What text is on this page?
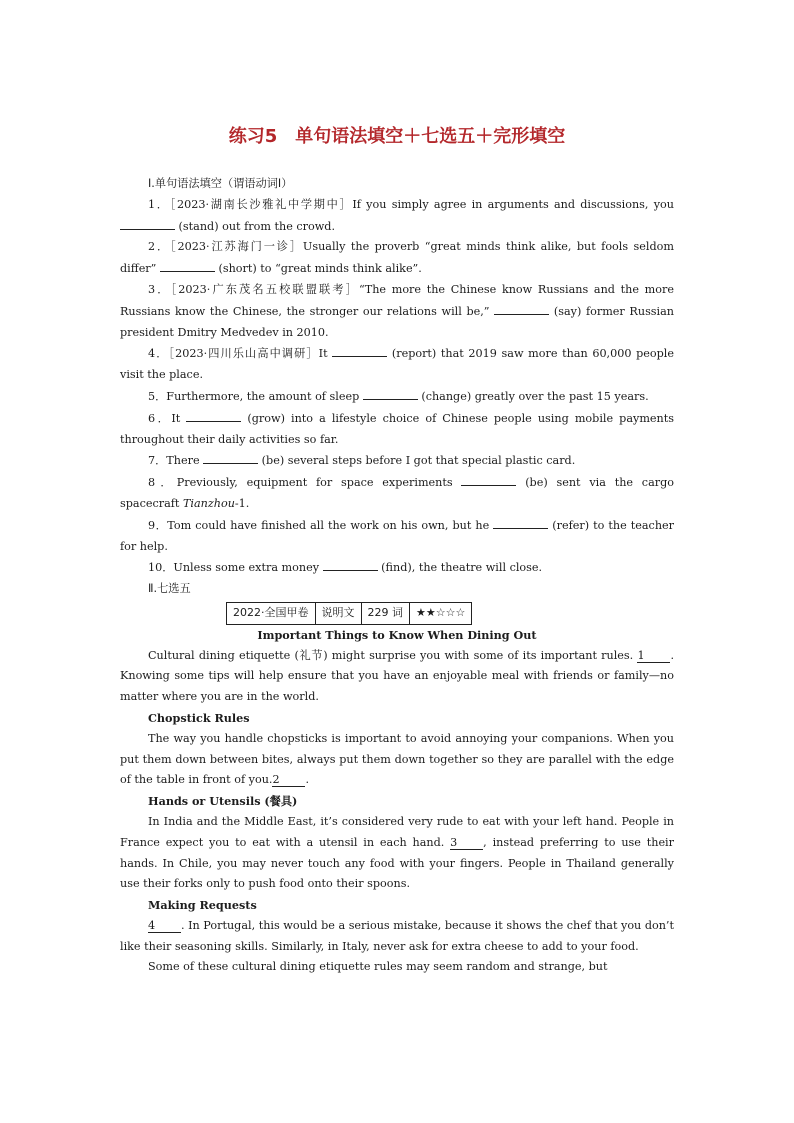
练习5　单句语法填空＋七选五＋完形填空
Ⅰ.单句语法填空（谓语动词Ⅰ）
1．［2023·湖南长沙雅礼中学期中］If you simply agree in arguments and discussions, you  (stand) out from the crowd.
2．［2023·江苏海门一诊］Usually the proverb “great minds think alike, but fools seldom differ”	(short) to “great minds think alike”.
3．［2023·广东茂名五校联盟联考］“The more the Chinese know Russians and the more Russians know the Chinese, the stronger our relations will be,”	(say) former Russian president Dmitry Medvedev in 2010.
4．［2023·四川乐山高中调研］It	(report) that 2019 saw more than 60,000 people visit the place.
5．Furthermore, the amount of sleep	(change) greatly over the past 15 years.
6．It	(grow) into a lifestyle choice of Chinese people using mobile payments throughout their daily activities so far.
7．There	(be) several steps before I got that special plastic card.
8．Previously, equipment for space experiments	(be) sent via the cargo spacecraft Tianzhou-1.
9．Tom could have finished all the work on his own, but he	(refer) to the teacher for help.
10．Unless some extra money	(find), the theatre will close.
Ⅱ.七选五
2022·全国甲卷	说明文	229 词	★★☆☆☆
Important Things to Know When Dining Out
Cultural dining etiquette (礼节) might surprise you with some of its important rules. 1 . Knowing some tips will help ensure that you have an enjoyable meal with friends or family—no matter where you are in the world.
Chopstick Rules
The way you handle chopsticks is important to avoid annoying your companions. When you put them down between bites, always put them down together so they are parallel with the edge of the table in front of you.2 .
Hands or Utensils (餐具)
In India and the Middle East, it’s considered very rude to eat with your left hand. People in France expect you to eat with a utensil in each hand. 3 , instead preferring to use their hands. In Chile, you may never touch any food with your fingers. People in Thailand generally use their forks only to push food onto their spoons.
Making Requests
4 . In Portugal, this would be a serious mistake, because it shows the chef that you don’t like their seasoning skills. Similarly, in Italy, never ask for extra cheese to add to your food.
Some of these cultural dining etiquette rules may seem random and strange, but
